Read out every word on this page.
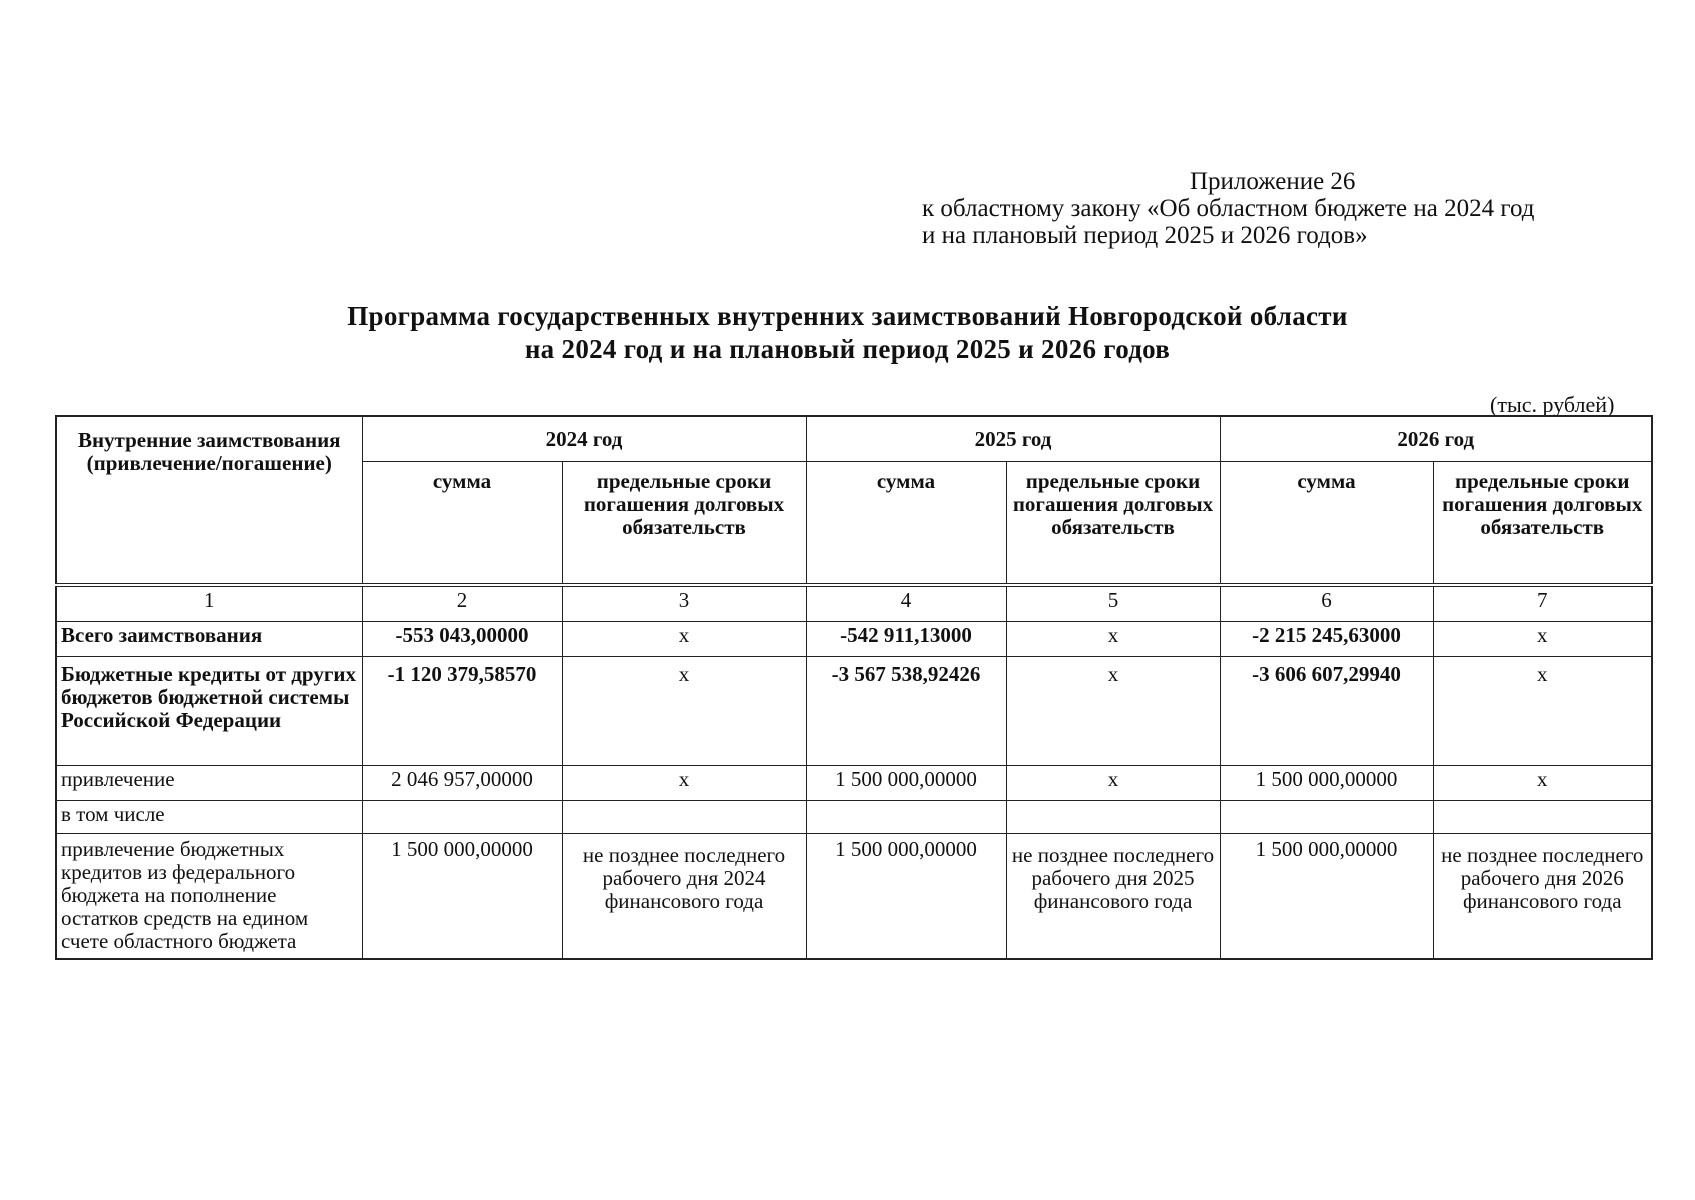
Приложение 26
к областному закону «Об областном бюджете на 2024 год
и на плановый период 2025 и 2026 годов»
Программа государственных внутренних заимствований Новгородской области
на 2024 год и на плановый период 2025 и 2026 годов
(тыс. рублей)
Внутренние заимствования (привлечение/погашение)	2024 год		2025 год		2026 год	
	сумма	предельные сроки погашения долговых обязательств	сумма	предельные сроки погашения долговых обязательств	сумма	предельные сроки погашения долговых обязательств
1	2	3	4	5	6	7
Всего заимствования	-553 043,00000	х	-542 911,13000	х	-2 215 245,63000	х
Бюджетные кредиты от других бюджетов бюджетной системы Российской Федерации	-1 120 379,58570	х	-3 567 538,92426	х	-3 606 607,29940	х
привлечение	2 046 957,00000	х	1 500 000,00000	х	1 500 000,00000	х
в том числе						
привлечение бюджетных кредитов из федерального бюджета на пополнение остатков средств на едином счете областного бюджета	1 500 000,00000	не позднее последнего рабочего дня 2024 финансового года	1 500 000,00000	не позднее последнего рабочего дня 2025 финансового года	1 500 000,00000	не позднее последнего рабочего дня 2026 финансового года
